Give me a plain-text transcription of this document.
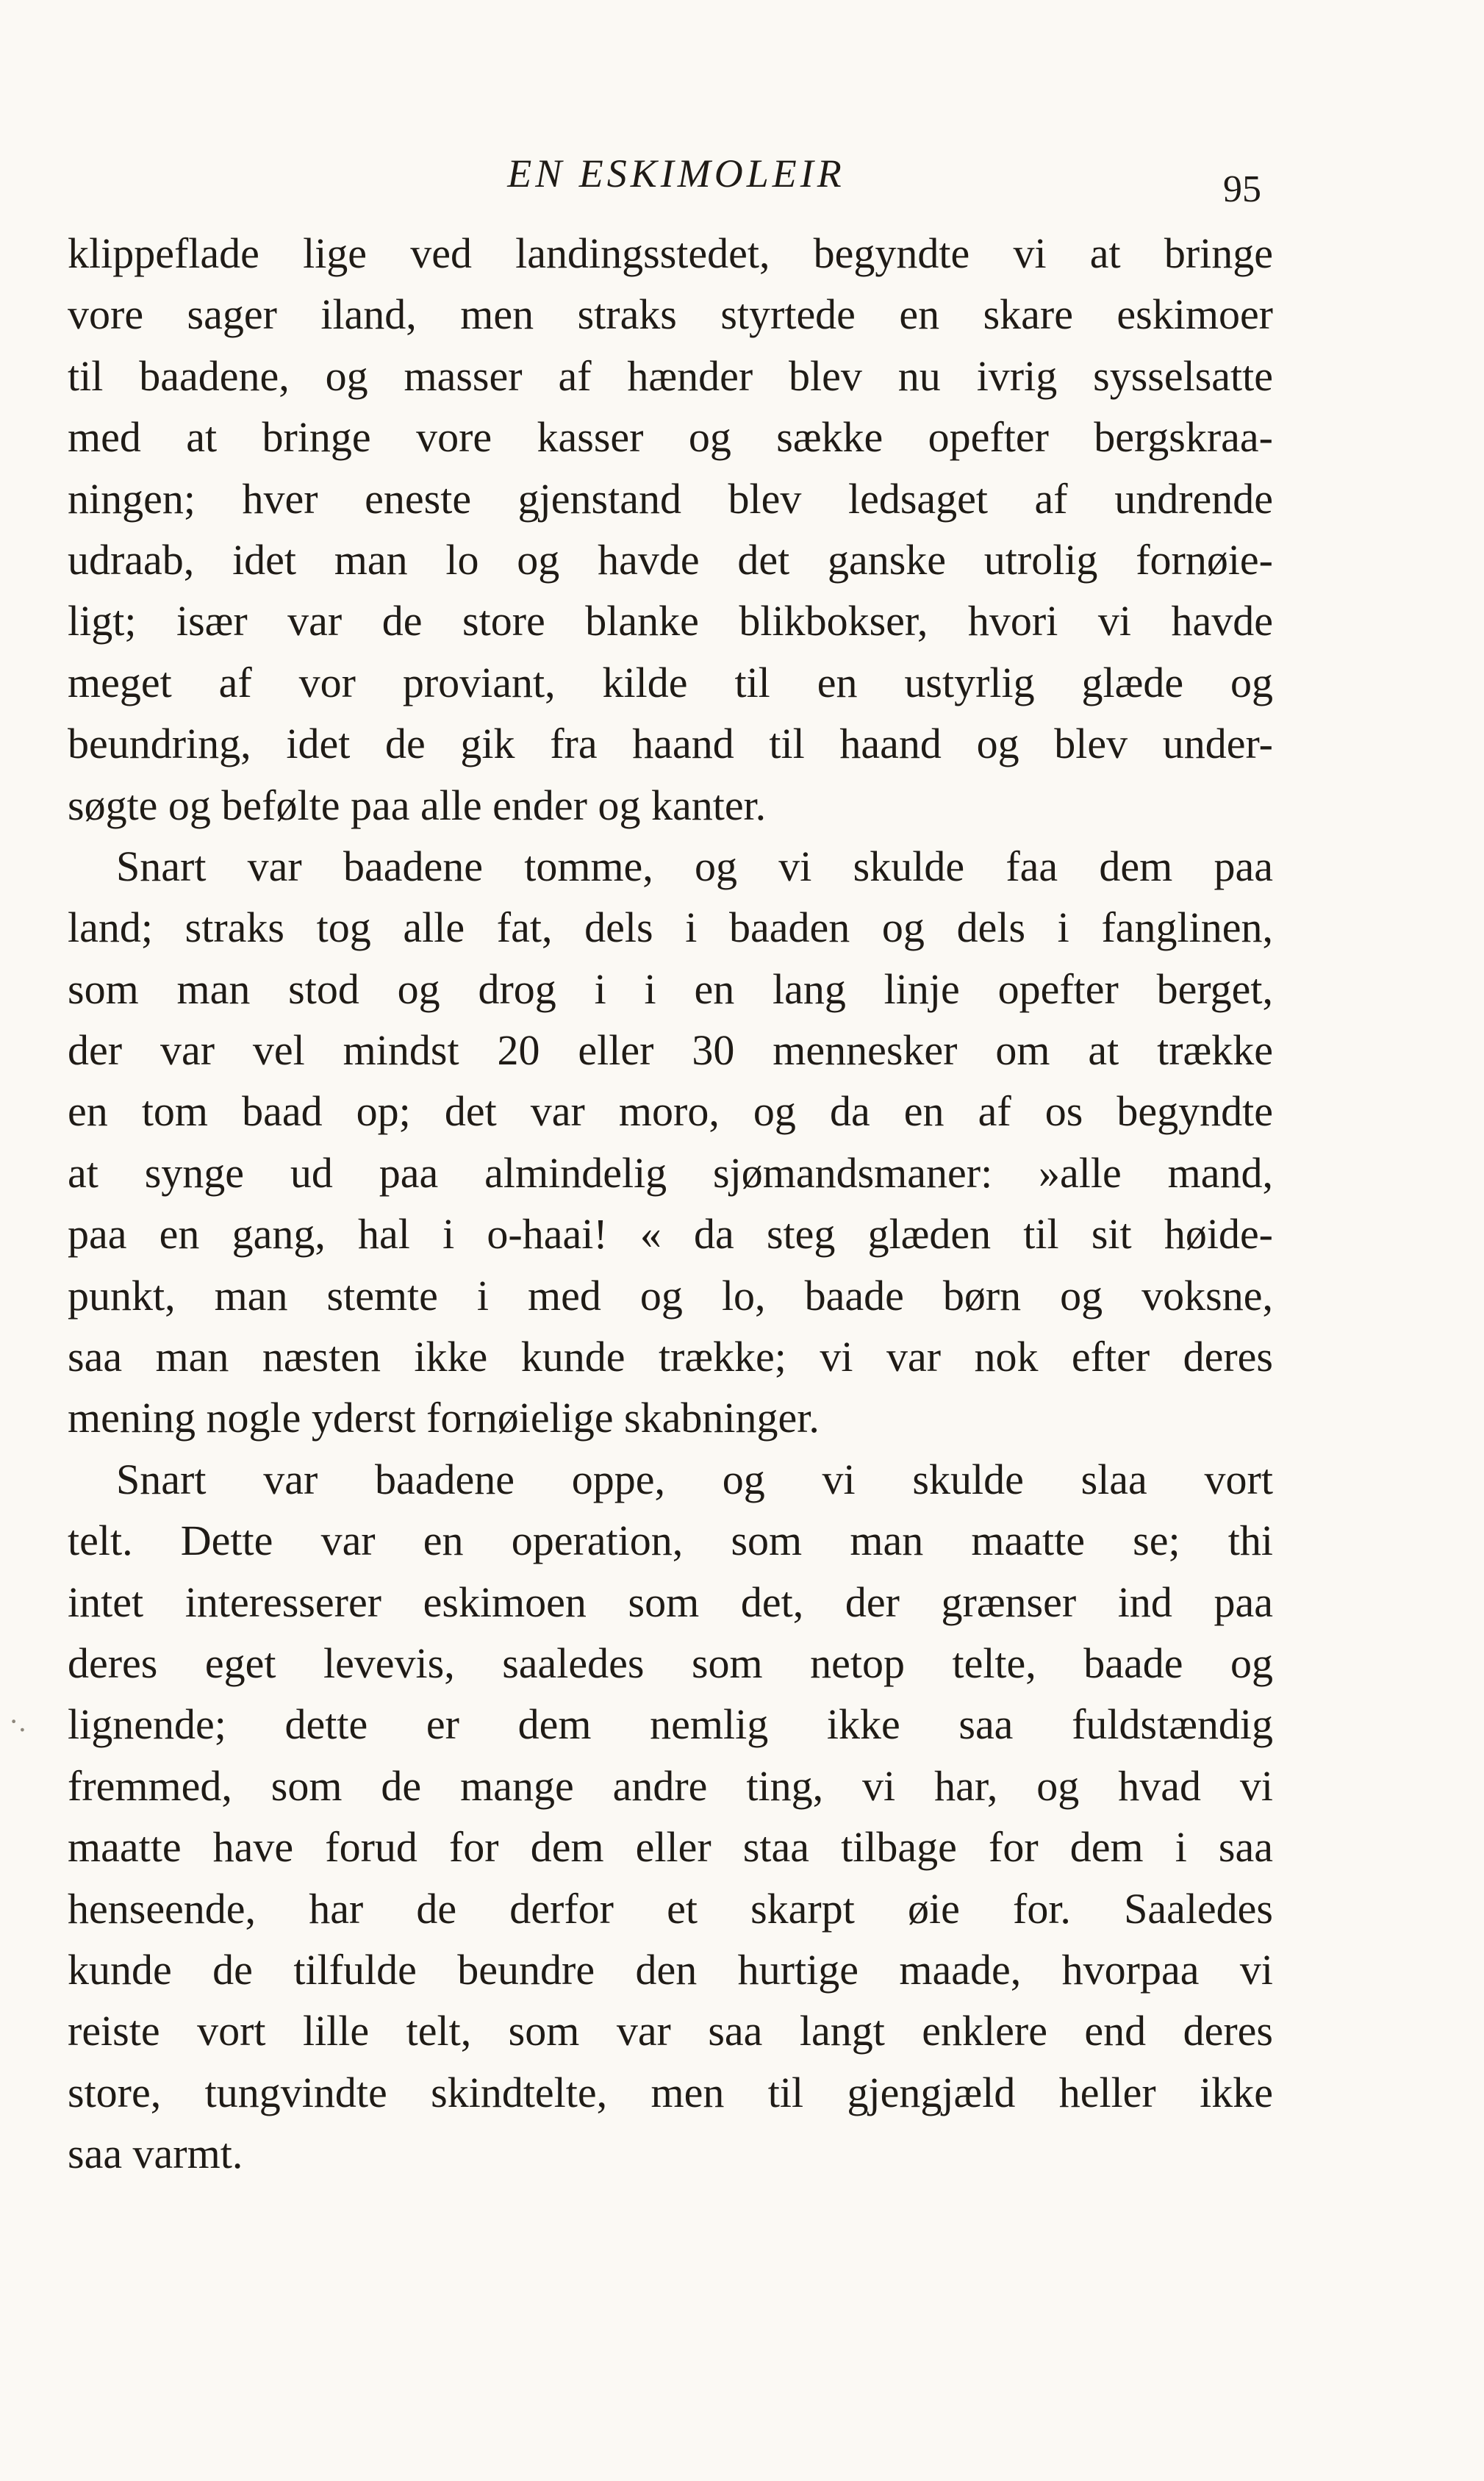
EN ESKIMOLEIR	95
·.
klippeflade lige ved landingsstedet, begyndte vi at bringe
vore sager iland, men straks styrtede en skare eskimoer
til baadene, og masser af hænder blev nu ivrig sysselsatte
med at bringe vore kasser og sække opefter bergskraa-
ningen; hver eneste gjenstand blev ledsaget af undrende
udraab, idet man lo og havde det ganske utrolig fornøie-
ligt; især var de store blanke blikbokser, hvori vi havde
meget af vor proviant, kilde til en ustyrlig glæde og
beundring, idet de gik fra haand til haand og blev under-
søgte og befølte paa alle ender og kanter.
Snart var baadene tomme, og vi skulde faa dem paa
land; straks tog alle fat, dels i baaden og dels i fanglinen,
som man stod og drog i i en lang linje opefter berget,
der var vel mindst 20 eller 30 mennesker om at trække
en tom baad op; det var moro, og da en af os begyndte
at synge ud paa almindelig sjømandsmaner: »alle mand,
paa en gang, hal i o-haai! « da steg glæden til sit høide-
punkt, man stemte i med og lo, baade børn og voksne,
saa man næsten ikke kunde trække; vi var nok efter deres
mening nogle yderst fornøielige skabninger.
Snart var baadene oppe, og vi skulde slaa vort
telt. Dette var en operation, som man maatte se; thi
intet interesserer eskimoen som det, der grænser ind paa
deres eget levevis, saaledes som netop telte, baade og
lignende; dette er dem nemlig ikke saa fuldstændig
fremmed, som de mange andre ting, vi har, og hvad vi
maatte have forud for dem eller staa tilbage for dem i saa
henseende, har de derfor et skarpt øie for. Saaledes
kunde de tilfulde beundre den hurtige maade, hvorpaa vi
reiste vort lille telt, som var saa langt enklere end deres
store, tungvindte skindtelte, men til gjengjæld heller ikke
saa varmt.
